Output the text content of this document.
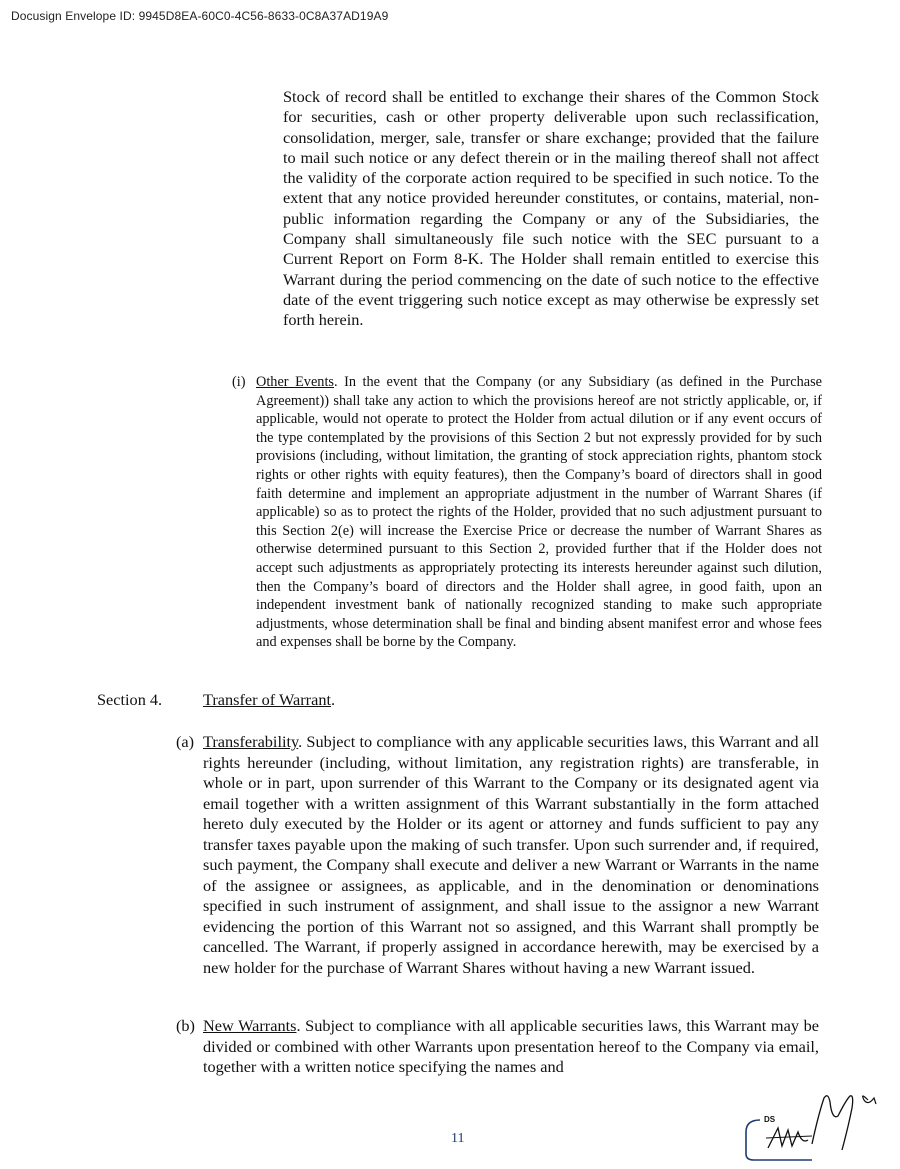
Docusign Envelope ID: 9945D8EA-60C0-4C56-8633-0C8A37AD19A9
Stock of record shall be entitled to exchange their shares of the Common Stock for securities, cash or other property deliverable upon such reclassification, consolidation, merger, sale, transfer or share exchange; provided that the failure to mail such notice or any defect therein or in the mailing thereof shall not affect the validity of the corporate action required to be specified in such notice. To the extent that any notice provided hereunder constitutes, or contains, material, non-public information regarding the Company or any of the Subsidiaries, the Company shall simultaneously file such notice with the SEC pursuant to a Current Report on Form 8-K. The Holder shall remain entitled to exercise this Warrant during the period commencing on the date of such notice to the effective date of the event triggering such notice except as may otherwise be expressly set forth herein.
(i) Other Events. In the event that the Company (or any Subsidiary (as defined in the Purchase Agreement)) shall take any action to which the provisions hereof are not strictly applicable, or, if applicable, would not operate to protect the Holder from actual dilution or if any event occurs of the type contemplated by the provisions of this Section 2 but not expressly provided for by such provisions (including, without limitation, the granting of stock appreciation rights, phantom stock rights or other rights with equity features), then the Company’s board of directors shall in good faith determine and implement an appropriate adjustment in the number of Warrant Shares (if applicable) so as to protect the rights of the Holder, provided that no such adjustment pursuant to this Section 2(e) will increase the Exercise Price or decrease the number of Warrant Shares as otherwise determined pursuant to this Section 2, provided further that if the Holder does not accept such adjustments as appropriately protecting its interests hereunder against such dilution, then the Company’s board of directors and the Holder shall agree, in good faith, upon an independent investment bank of nationally recognized standing to make such appropriate adjustments, whose determination shall be final and binding absent manifest error and whose fees and expenses shall be borne by the Company.
Section 4.	Transfer of Warrant.
(a) Transferability. Subject to compliance with any applicable securities laws, this Warrant and all rights hereunder (including, without limitation, any registration rights) are transferable, in whole or in part, upon surrender of this Warrant to the Company or its designated agent via email together with a written assignment of this Warrant substantially in the form attached hereto duly executed by the Holder or its agent or attorney and funds sufficient to pay any transfer taxes payable upon the making of such transfer. Upon such surrender and, if required, such payment, the Company shall execute and deliver a new Warrant or Warrants in the name of the assignee or assignees, as applicable, and in the denomination or denominations specified in such instrument of assignment, and shall issue to the assignor a new Warrant evidencing the portion of this Warrant not so assigned, and this Warrant shall promptly be cancelled. The Warrant, if properly assigned in accordance herewith, may be exercised by a new holder for the purchase of Warrant Shares without having a new Warrant issued.
(b) New Warrants. Subject to compliance with all applicable securities laws, this Warrant may be divided or combined with other Warrants upon presentation hereof to the Company via email, together with a written notice specifying the names and
11
DS
